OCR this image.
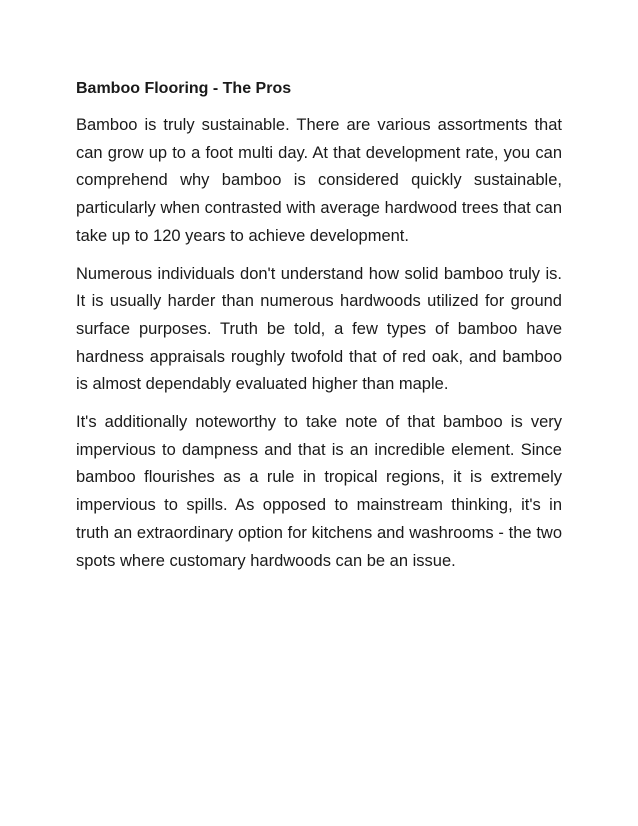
Bamboo Flooring - The Pros

Bamboo is truly sustainable. There are various assortments that can grow up to a foot multi day. At that development rate, you can comprehend why bamboo is considered quickly sustainable, particularly when contrasted with average hardwood trees that can take up to 120 years to achieve development.

Numerous individuals don't understand how solid bamboo truly is. It is usually harder than numerous hardwoods utilized for ground surface purposes. Truth be told, a few types of bamboo have hardness appraisals roughly twofold that of red oak, and bamboo is almost dependably evaluated higher than maple.

It's additionally noteworthy to take note of that bamboo is very impervious to dampness and that is an incredible element. Since bamboo flourishes as a rule in tropical regions, it is extremely impervious to spills. As opposed to mainstream thinking, it's in truth an extraordinary option for kitchens and washrooms - the two spots where customary hardwoods can be an issue.
